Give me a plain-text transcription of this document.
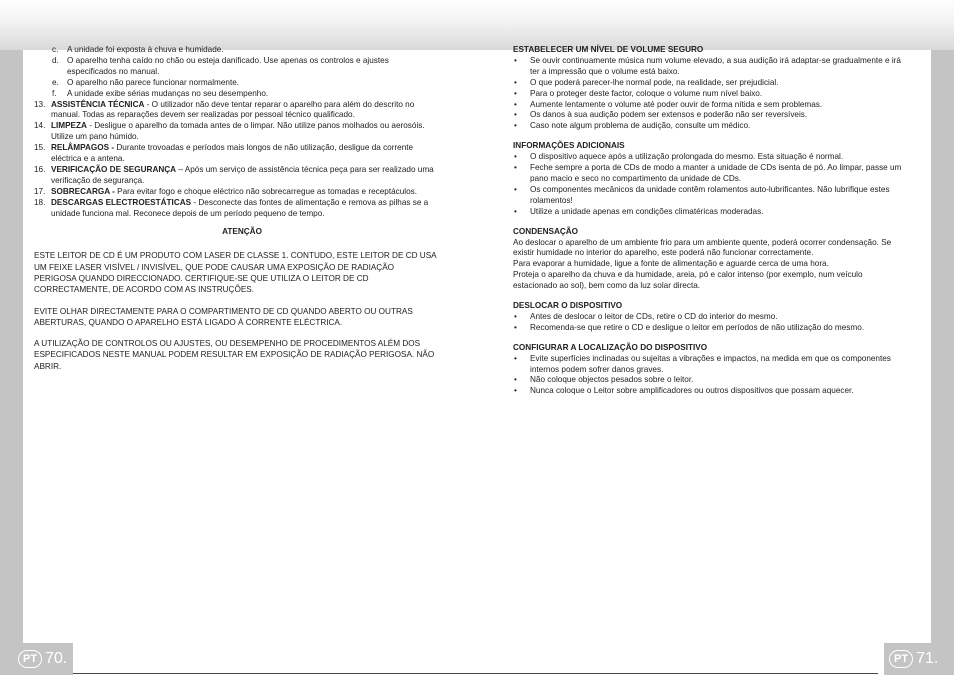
c. A unidade foi exposta à chuva e humidade.
d. O aparelho tenha caído no chão ou esteja danificado. Use apenas os controlos e ajustes especificados no manual.
e. O aparelho não parece funcionar normalmente.
f. A unidade exibe sérias mudanças no seu desempenho.
13. ASSISTÊNCIA TÉCNICA - O utilizador não deve tentar reparar o aparelho para além do descrito no manual. Todas as reparações devem ser realizadas por pessoal técnico qualificado.
14. LIMPEZA - Desligue o aparelho da tomada antes de o limpar. Não utilize panos molhados ou aerosóis. Utilize um pano húmido.
15. RELÂMPAGOS - Durante trovoadas e períodos mais longos de não utilização, desligue da corrente eléctrica e a antena.
16. VERIFICAÇÃO DE SEGURANÇA – Após um serviço de assistência técnica peça para ser realizado uma verificação de segurança.
17. SOBRECARGA - Para evitar fogo e choque eléctrico não sobrecarregue as tomadas e receptáculos.
18. DESCARGAS ELECTROESTÁTICAS - Desconecte das fontes de alimentação e remova as pilhas se a unidade funciona mal. Reconece depois de um período pequeno de tempo.
ATENÇÃO

ESTE LEITOR DE CD É UM PRODUTO COM LASER DE CLASSE 1. CONTUDO, ESTE LEITOR DE CD USA UM FEIXE LASER VISÍVEL / INVISÍVEL, QUE PODE CAUSAR UMA EXPOSIÇÃO DE RADIAÇÃO PERIGOSA QUANDO DIRECCIONADO. CERTIFIQUE-SE QUE UTILIZA O LEITOR DE CD CORRECTAMENTE, DE ACORDO COM AS INSTRUÇÕES.

EVITE OLHAR DIRECTAMENTE PARA O COMPARTIMENTO DE CD QUANDO ABERTO OU OUTRAS ABERTURAS, QUANDO O APARELHO ESTÁ LIGADO À CORRENTE ELÉCTRICA.

A UTILIZAÇÃO DE CONTROLOS OU AJUSTES, OU DESEMPENHO DE PROCEDIMENTOS ALÉM DOS ESPECIFICADOS NESTE MANUAL PODEM RESULTAR EM EXPOSIÇÃO DE RADIAÇÃO PERIGOSA. NÃO ABRIR.

ESTABELECER UM NÍVEL DE VOLUME SEGURO
• Se ouvir continuamente música num volume elevado, a sua audição irá adaptar-se gradualmente e irá ter a impressão que o volume está baixo.
• O que poderá parecer-lhe normal pode, na realidade, ser prejudicial.
• Para o proteger deste factor, coloque o volume num nível baixo.
• Aumente lentamente o volume até poder ouvir de forma nítida e sem problemas.
• Os danos à sua audição podem ser extensos e poderão não ser reversíveis.
• Caso note algum problema de audição, consulte um médico.
INFORMAÇÕES ADICIONAIS
• O dispositivo aquece após a utilização prolongada do mesmo. Esta situação é normal.
• Feche sempre a porta de CDs de modo a manter a unidade de CDs isenta de pó. Ao limpar, passe um pano macio e seco no compartimento da unidade de CDs.
• Os componentes mecânicos da unidade contêm rolamentos auto-lubrificantes. Não lubrifique estes rolamentos!
• Utilize a unidade apenas em condições climatéricas moderadas.
CONDENSAÇÃO

Ao deslocar o aparelho de um ambiente frio para um ambiente quente, poderá ocorrer condensação. Se existir humidade no interior do aparelho, este poderá não funcionar correctamente.

Para evaporar a humidade, ligue a fonte de alimentação e aguarde cerca de uma hora.

Proteja o aparelho da chuva e da humidade, areia, pó e calor intenso (por exemplo, num veículo estacionado ao sol), bem como da luz solar directa.

DESLOCAR O DISPOSITIVO
• Antes de deslocar o leitor de CDs, retire o CD do interior do mesmo.
• Recomenda-se que retire o CD e desligue o leitor em períodos de não utilização do mesmo.
CONFIGURAR A LOCALIZAÇÃO DO DISPOSITIVO
• Evite superfícies inclinadas ou sujeitas a vibrações e impactos, na medida em que os componentes internos podem sofrer danos graves.
• Não coloque objectos pesados sobre o leitor.
• Nunca coloque o Leitor sobre amplificadores ou outros dispositivos que possam aquecer.
PT 70.	PT 71.
